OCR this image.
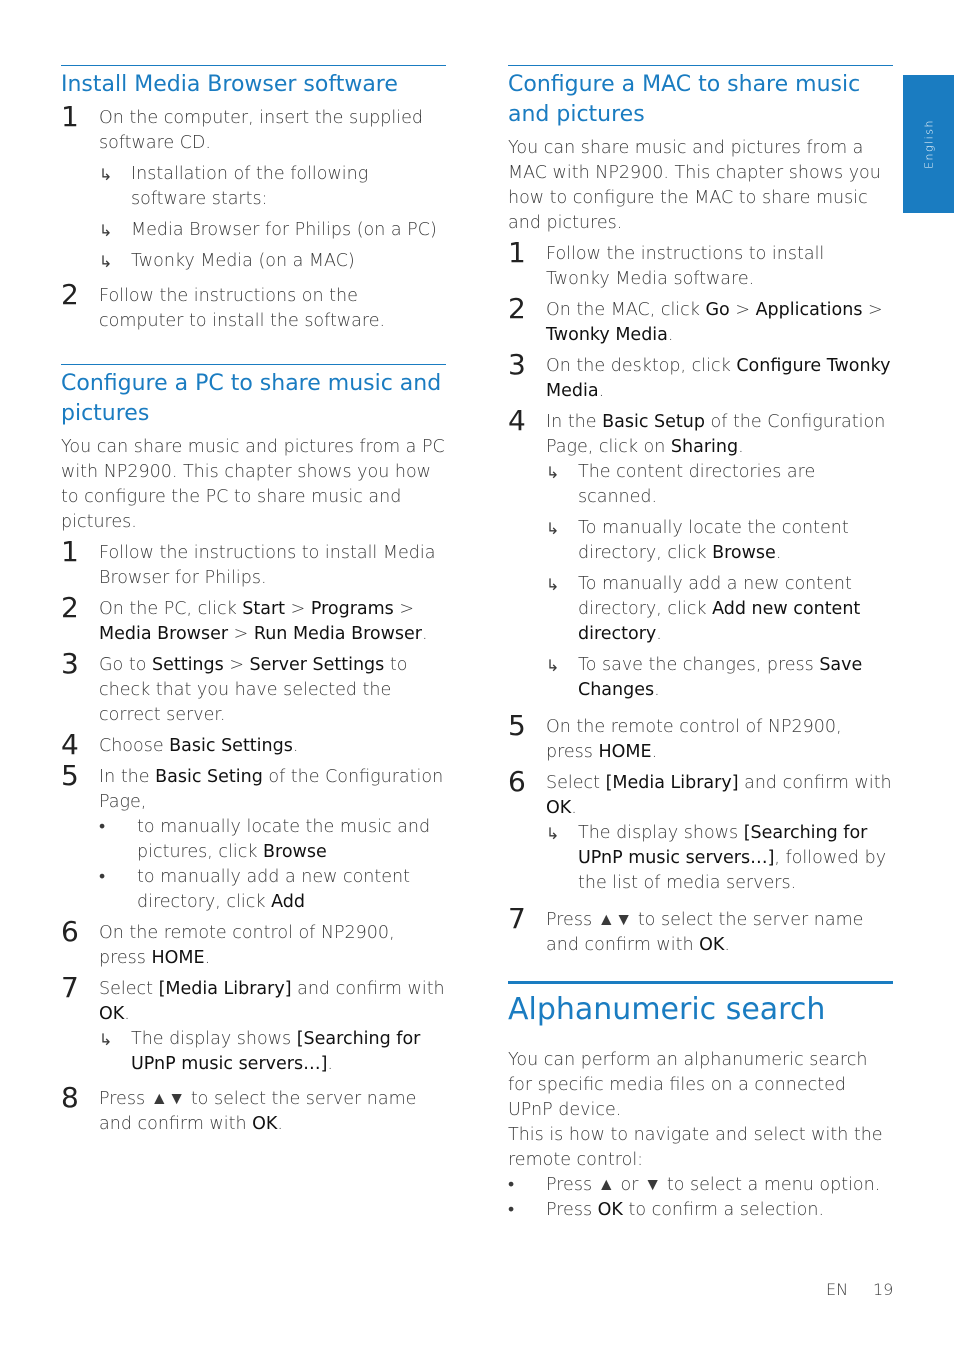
English
Install Media Browser software
1 On the computer, insert the supplied software CD.
↳ Installation of the following software starts:
↳ Media Browser for Philips (on a PC)
↳ Twonky Media (on a MAC)
2 Follow the instructions on the computer to install the software.
Configure a PC to share music and pictures

You can share music and pictures from a PC with NP2900. This chapter shows you how to configure the PC to share music and pictures.

1 Follow the instructions to install Media Browser for Philips.
2 On the PC, click Start > Programs > Media Browser > Run Media Browser.
3 Go to Settings > Server Settings to check that you have selected the correct server.
4 Choose Basic Settings.
5 In the Basic Seting of the Configuration Page,
• to manually locate the music and pictures, click Browse
• to manually add a new content directory, click Add
6 On the remote control of NP2900, press HOME.
7 Select [Media Library] and confirm with OK.
↳ The display shows [Searching for UPnP music servers…].
8 Press ▲▼ to select the server name and confirm with OK.
Configure a MAC to share music and pictures

You can share music and pictures from a MAC with NP2900. This chapter shows you how to configure the MAC to share music and pictures.

1 Follow the instructions to install Twonky Media software.
2 On the MAC, click Go > Applications > Twonky Media.
3 On the desktop, click Configure Twonky Media.
4 In the Basic Setup of the Configuration Page, click on Sharing.
↳ The content directories are scanned.
↳ To manually locate the content directory, click Browse.
↳ To manually add a new content directory, click Add new content directory.
↳ To save the changes, press Save Changes.
5 On the remote control of NP2900, press HOME.
6 Select [Media Library] and confirm with OK.
↳ The display shows [Searching for UPnP music servers…], followed by the list of media servers.
7 Press ▲▼ to select the server name and confirm with OK.
Alphanumeric search

You can perform an alphanumeric search for specific media files on a connected UPnP device.

This is how to navigate and select with the remote control:

• Press ▲ or ▼ to select a menu option.
• Press OK to confirm a selection.
EN 19
